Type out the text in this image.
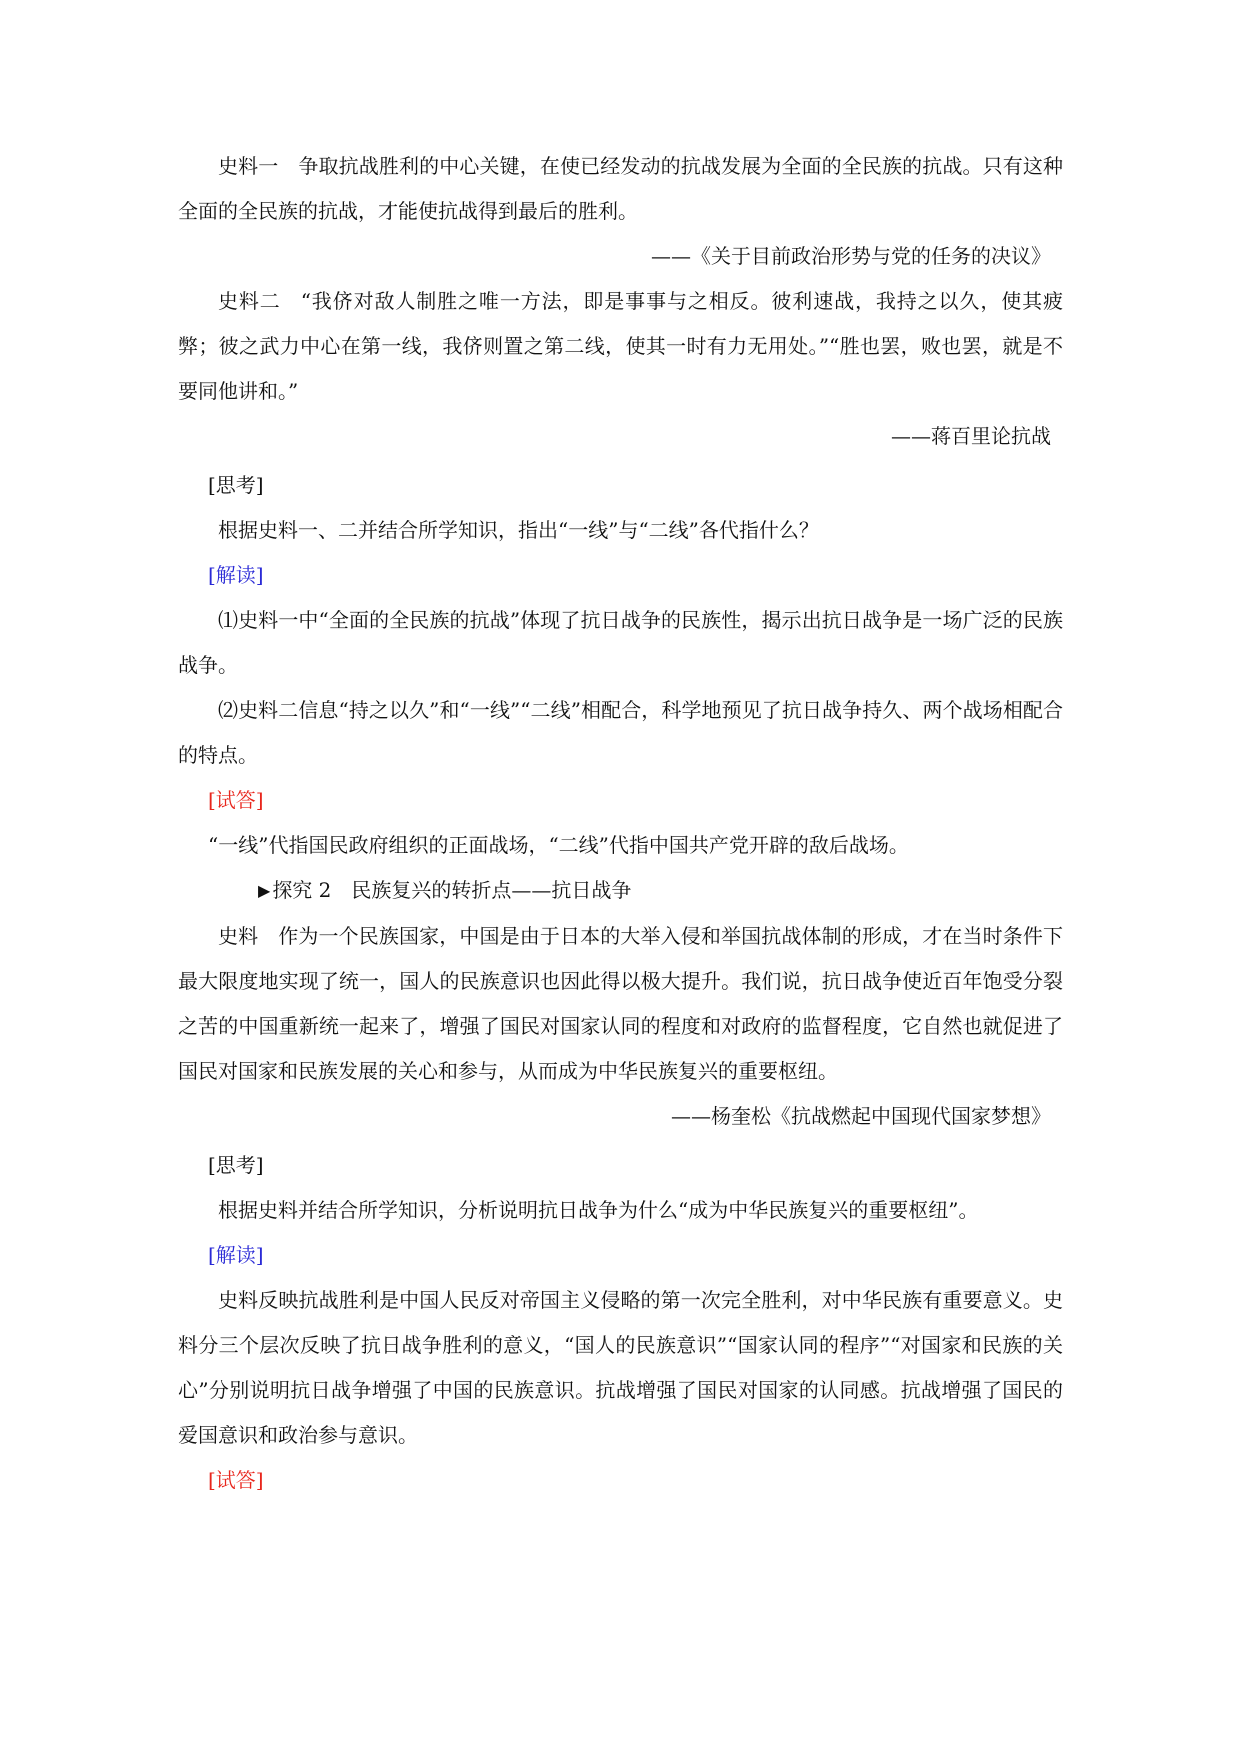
史料一 争取抗战胜利的中心关键，在使已经发动的抗战发展为全面的全民族的抗战。只有这种全面的全民族的抗战，才能使抗战得到最后的胜利。

——《关于目前政治形势与党的任务的决议》

史料二 “我侪对敌人制胜之唯一方法，即是事事与之相反。彼利速战，我持之以久，使其疲弊；彼之武力中心在第一线，我侪则置之第二线，使其一时有力无用处。”“胜也罢，败也罢，就是不要同他讲和。”

——蒋百里论抗战

[思考]

根据史料一、二并结合所学知识，指出“一线”与“二线”各代指什么？

[解读]

⑴史料一中“全面的全民族的抗战”体现了抗日战争的民族性，揭示出抗日战争是一场广泛的民族战争。

⑵史料二信息“持之以久”和“一线”“二线”相配合，科学地预见了抗日战争持久、两个战场相配合的特点。

[试答]

“一线”代指国民政府组织的正面战场，“二线”代指中国共产党开辟的敌后战场。

▶ 探究 2　民族复兴的转折点——抗日战争

史料 作为一个民族国家，中国是由于日本的大举入侵和举国抗战体制的形成，才在当时条件下最大限度地实现了统一，国人的民族意识也因此得以极大提升。我们说，抗日战争使近百年饱受分裂之苦的中国重新统一起来了，增强了国民对国家认同的程度和对政府的监督程度，它自然也就促进了国民对国家和民族发展的关心和参与，从而成为中华民族复兴的重要枢纽。

——杨奎松《抗战燃起中国现代国家梦想》

[思考]

根据史料并结合所学知识，分析说明抗日战争为什么“成为中华民族复兴的重要枢纽”。

[解读]

史料反映抗战胜利是中国人民反对帝国主义侵略的第一次完全胜利，对中华民族有重要意义。史料分三个层次反映了抗日战争胜利的意义，“国人的民族意识”“国家认同的程序”“对国家和民族的关心”分别说明抗日战争增强了中国的民族意识。抗战增强了国民对国家的认同感。抗战增强了国民的爱国意识和政治参与意识。

[试答]
